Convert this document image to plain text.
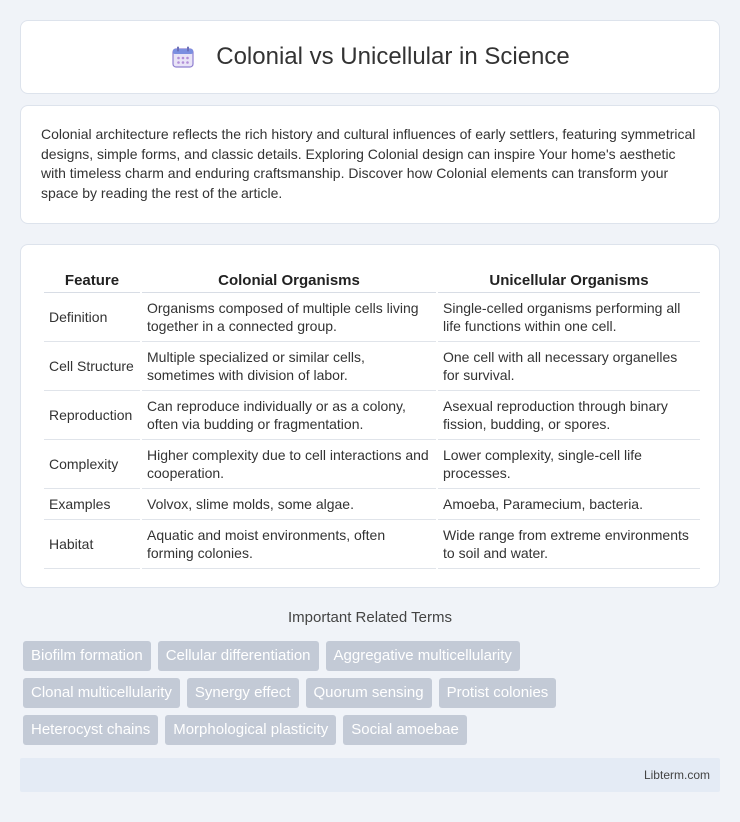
Colonial vs Unicellular in Science

Colonial architecture reflects the rich history and cultural influences of early settlers, featuring symmetrical designs, simple forms, and classic details. Exploring Colonial design can inspire Your home's aesthetic with timeless charm and enduring craftsmanship. Discover how Colonial elements can transform your space by reading the rest of the article.

Feature	Colonial Organisms	Unicellular Organisms
Definition	Organisms composed of multiple cells living together in a connected group.	Single-celled organisms performing all life functions within one cell.
Cell Structure	Multiple specialized or similar cells, sometimes with division of labor.	One cell with all necessary organelles for survival.
Reproduction	Can reproduce individually or as a colony, often via budding or fragmentation.	Asexual reproduction through binary fission, budding, or spores.
Complexity	Higher complexity due to cell interactions and cooperation.	Lower complexity, single-cell life processes.
Examples	Volvox, slime molds, some algae.	Amoeba, Paramecium, bacteria.
Habitat	Aquatic and moist environments, often forming colonies.	Wide range from extreme environments to soil and water.
Important Related Terms
Biofilm formation	Cellular differentiation	Aggregative multicellularity
Clonal multicellularity	Synergy effect	Quorum sensing	Protist colonies
Heterocyst chains	Morphological plasticity	Social amoebae
Libterm.com
